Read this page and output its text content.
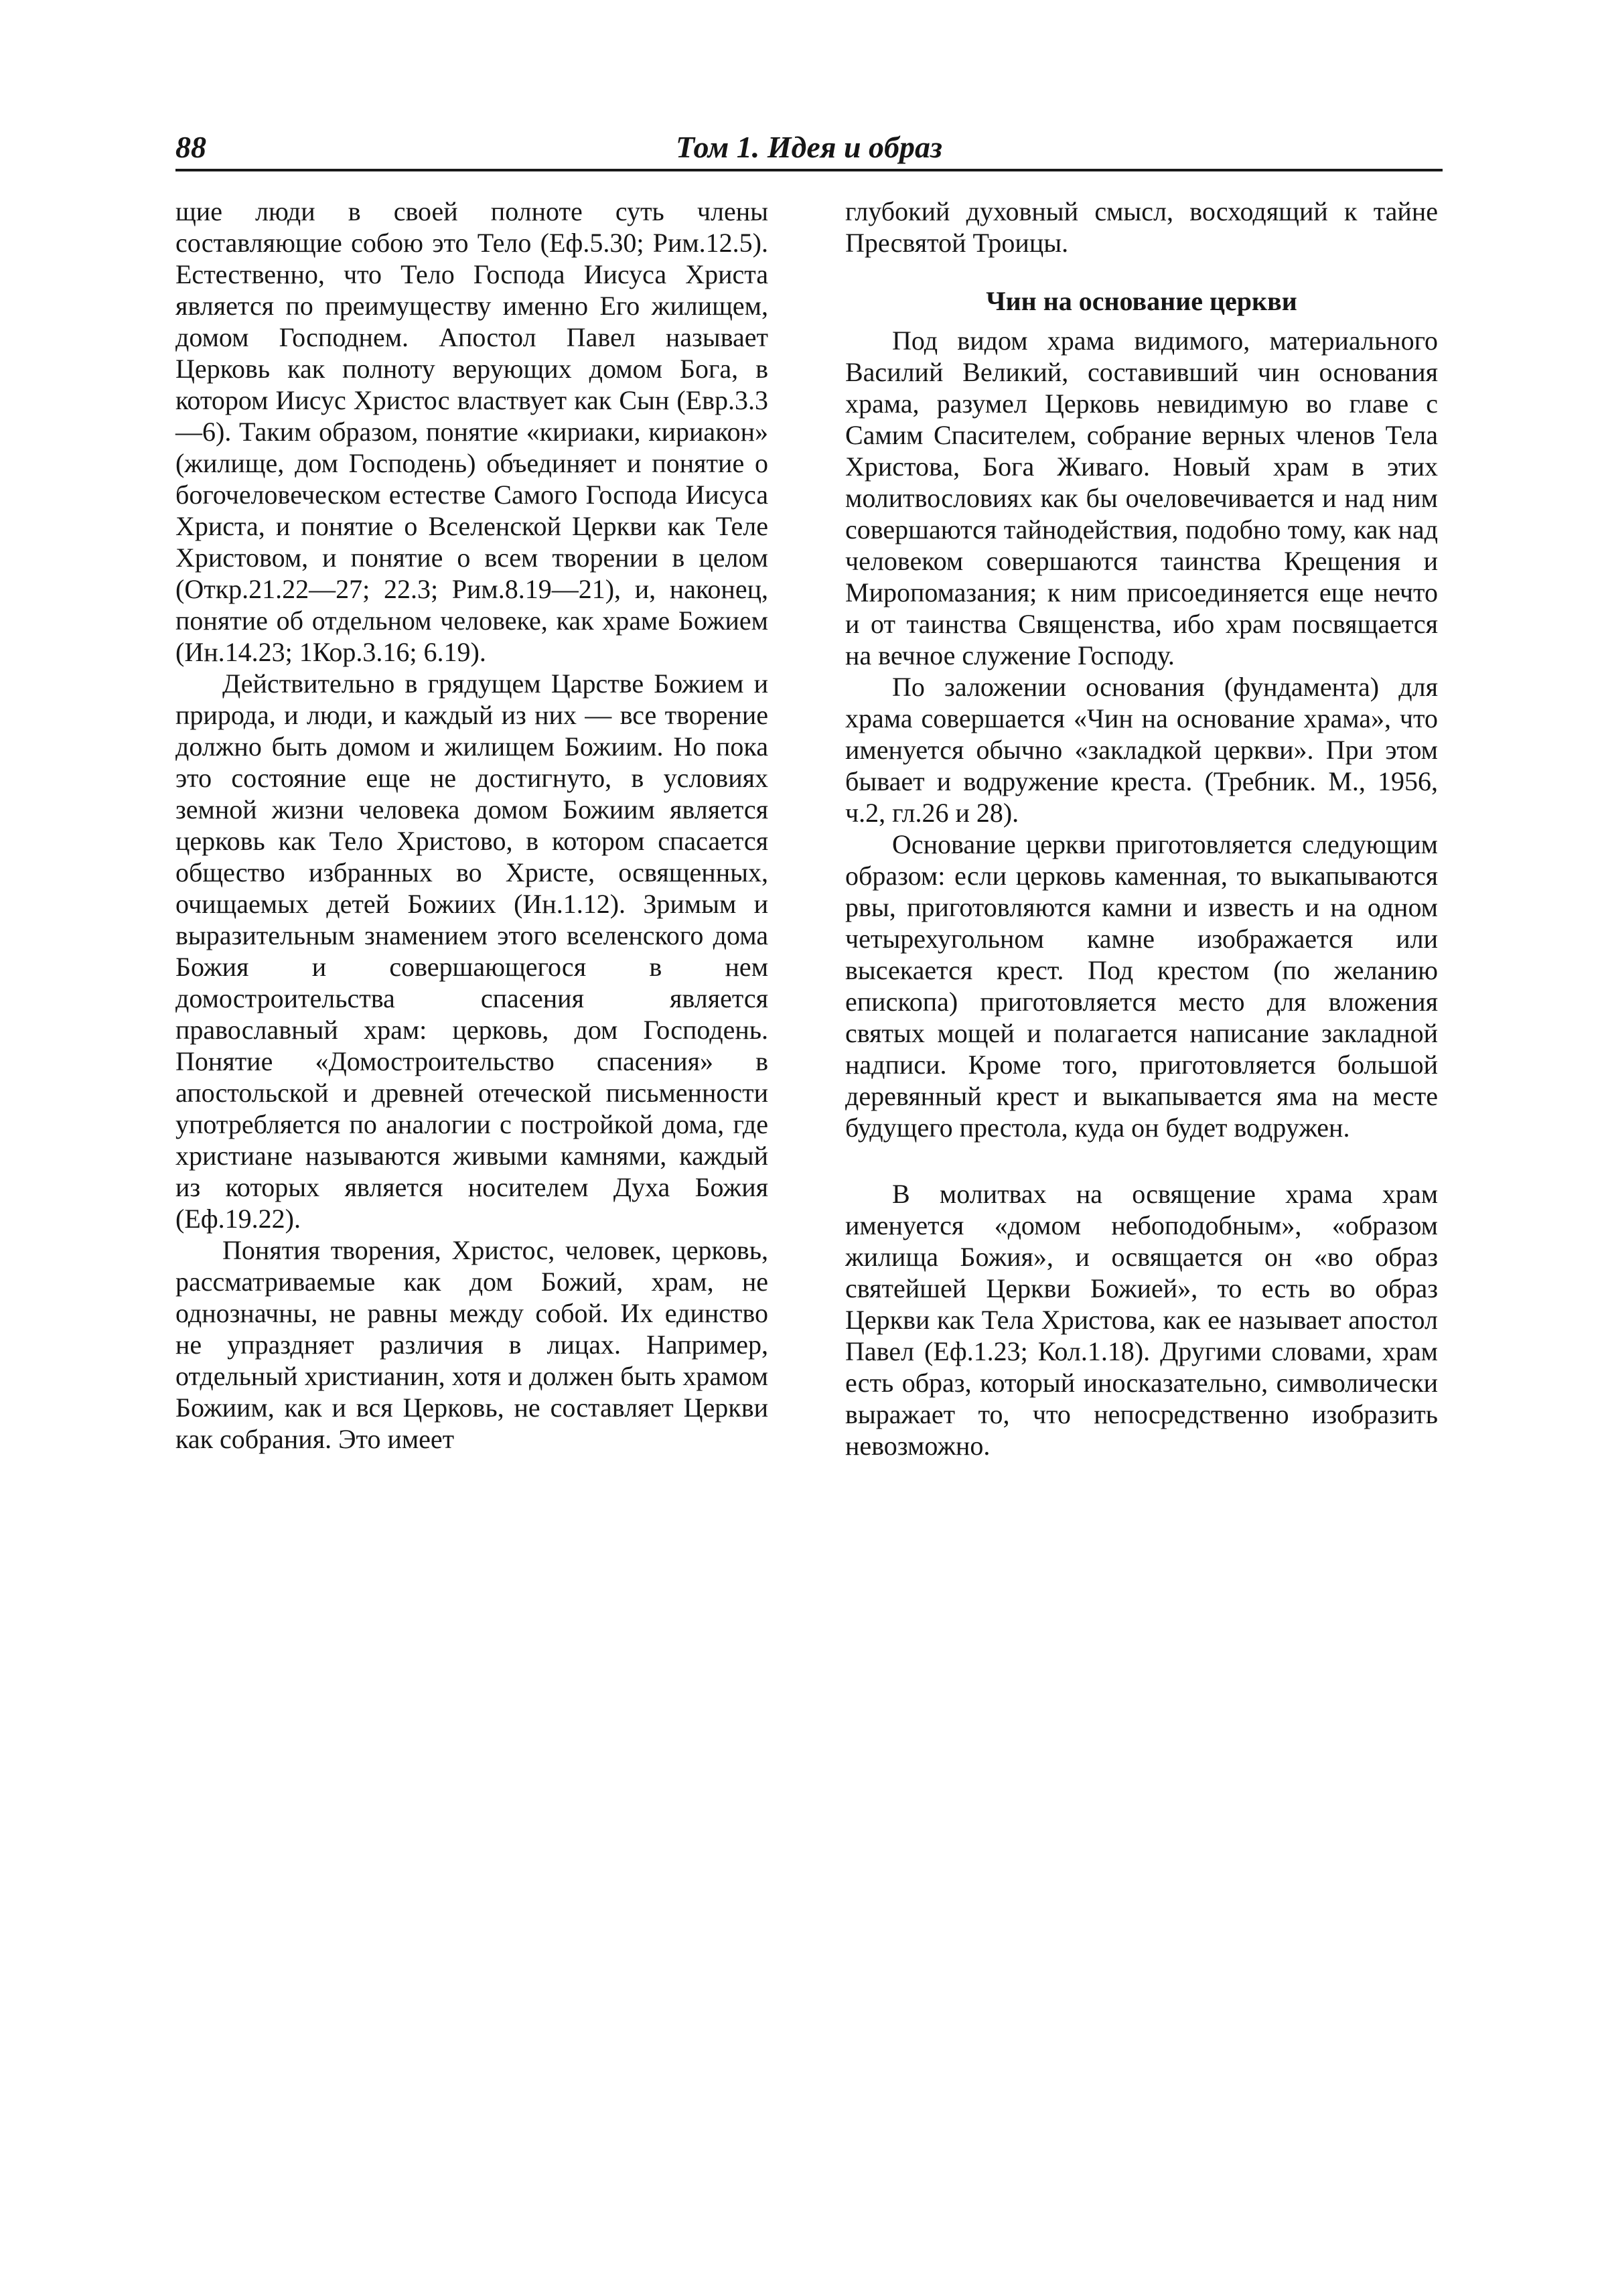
88	Том 1. Идея и образ

щие люди в своей полноте суть члены составляющие собою это Тело (Еф.5.30; Рим.12.5). Естественно, что Тело Господа Иисуса Христа является по преимуществу именно Его жилищем, домом Господнем. Апостол Павел называет Церковь как полноту верующих домом Бога, в котором Иисус Христос властвует как Сын (Евр.3.3—6). Таким образом, понятие «кириаки, кириакон» (жилище, дом Господень) объединяет и понятие о богочеловеческом естестве Самого Господа Иисуса Христа, и понятие о Вселенской Церкви как Теле Христовом, и понятие о всем творении в целом (Откр.21.22—27; 22.3; Рим.8.19—21), и, наконец, понятие об отдельном человеке, как храме Божием (Ин.14.23; 1Кор.3.16; 6.19).

Действительно в грядущем Царстве Божием и природа, и люди, и каждый из них — все творение должно быть домом и жилищем Божиим. Но пока это состояние еще не достигнуто, в условиях земной жизни человека домом Божиим является церковь как Тело Христово, в котором спасается общество избранных во Христе, освященных, очищаемых детей Божиих (Ин.1.12). Зримым и выразительным знамением этого вселенского дома Божия и совершающегося в нем домостроительства спасения является православный храм: церковь, дом Господень. Понятие «Домостроительство спасения» в апостольской и древней отеческой письменности употребляется по аналогии с постройкой дома, где христиане называются живыми камнями, каждый из которых является носителем Духа Божия (Еф.19.22).

Понятия творения, Христос, человек, церковь, рассматриваемые как дом Божий, храм, не однозначны, не равны между собой. Их единство не упраздняет различия в лицах. Например, отдельный христианин, хотя и должен быть храмом Божиим, как и вся Церковь, не составляет Церкви как собрания. Это имеет

глубокий духовный смысл, восходящий к тайне Пресвятой Троицы.

Чин на основание церкви

Под видом храма видимого, материального Василий Великий, составивший чин основания храма, разумел Церковь невидимую во главе с Самим Спасителем, собрание верных членов Тела Христова, Бога Живаго. Новый храм в этих молитвословиях как бы очеловечивается и над ним совершаются тайнодействия, подобно тому, как над человеком совершаются таинства Крещения и Миропомазания; к ним присоединяется еще нечто и от таинства Священства, ибо храм посвящается на вечное служение Господу.

По заложении основания (фундамента) для храма совершается «Чин на основание храма», что именуется обычно «закладкой церкви». При этом бывает и водружение креста. (Требник. М., 1956, ч.2, гл.26 и 28).

Основание церкви приготовляется следующим образом: если церковь каменная, то выкапываются рвы, приготовляются камни и известь и на одном четырехугольном камне изображается или высекается крест. Под крестом (по желанию епископа) приготовляется место для вложения святых мощей и полагается написание закладной надписи. Кроме того, приготовляется большой деревянный крест и выкапывается яма на месте будущего престола, куда он будет водружен.

В молитвах на освящение храма храм именуется «домом небоподобным», «образом жилища Божия», и освящается он «во образ святейшей Церкви Божией», то есть во образ Церкви как Тела Христова, как ее называет апостол Павел (Еф.1.23; Кол.1.18). Другими словами, храм есть образ, который иносказательно, символически выражает то, что непосредственно изобразить невозможно.
